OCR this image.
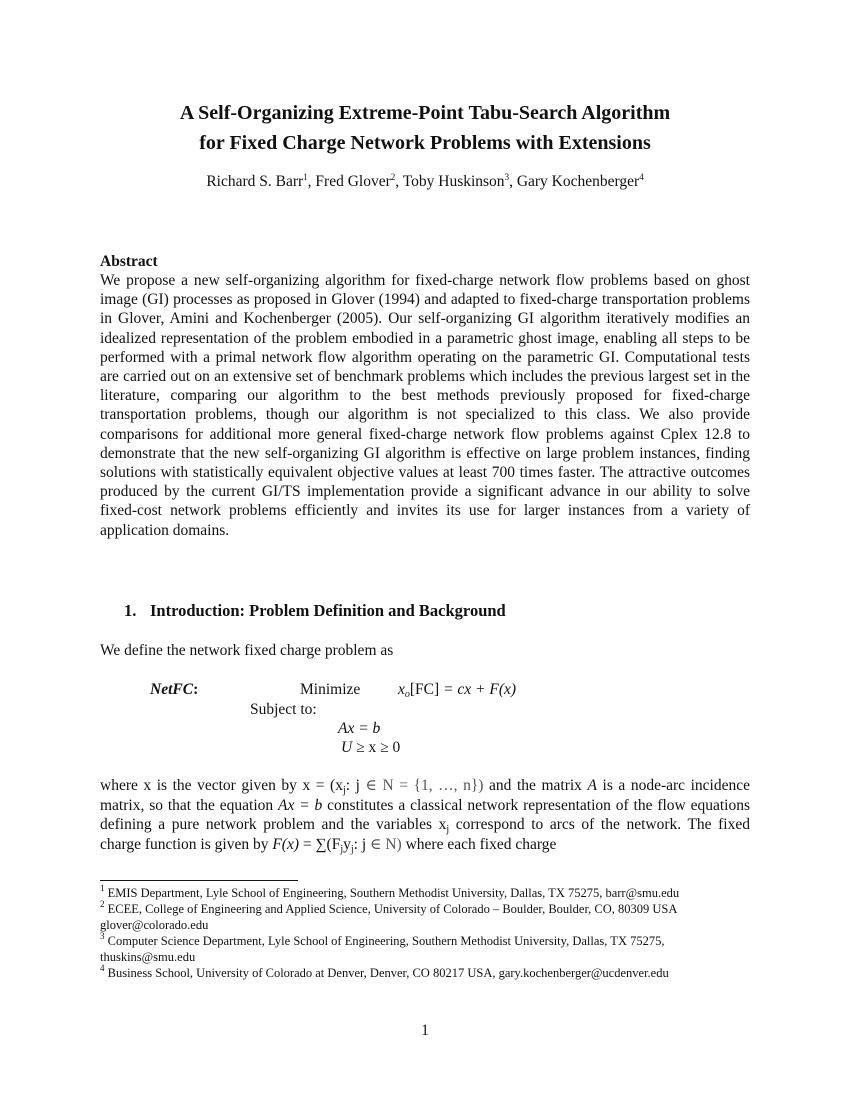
A Self-Organizing Extreme-Point Tabu-Search Algorithm
for Fixed Charge Network Problems with Extensions
Richard S. Barr$^1$, Fred Glover$^2$, Toby Huskinson$^3$, Gary Kochenberger$^4$
Abstract
We propose a new self-organizing algorithm for fixed-charge network flow problems based on ghost image (GI) processes as proposed in Glover (1994) and adapted to fixed-charge transportation problems in Glover, Amini and Kochenberger (2005). Our self-organizing GI algorithm iteratively modifies an idealized representation of the problem embodied in a parametric ghost image, enabling all steps to be performed with a primal network flow algorithm operating on the parametric GI. Computational tests are carried out on an extensive set of benchmark problems which includes the previous largest set in the literature, comparing our algorithm to the best methods previously proposed for fixed-charge transportation problems, though our algorithm is not specialized to this class. We also provide comparisons for additional more general fixed-charge network flow problems against Cplex 12.8 to demonstrate that the new self-organizing GI algorithm is effective on large problem instances, finding solutions with statistically equivalent objective values at least 700 times faster. The attractive outcomes produced by the current GI/TS implementation provide a significant advance in our ability to solve fixed-cost network problems efficiently and invites its use for larger instances from a variety of application domains.
1. Introduction: Problem Definition and Background
We define the network fixed charge problem as
NetFC:	Minimize $x_o[FC]$ = cx + F(x)
Subject to:
Ax = b
U ≥ x ≥ 0
where x is the vector given by $x = (x_j$: j ∈ N = {1, …, n}) and the matrix A is a node-arc incidence matrix, so that the equation Ax = b constitutes a classical network representation of the flow equations defining a pure network problem and the variables $x_j$ correspond to arcs of the network. The fixed charge function is given by $F(x) = \sum(F_jy_j$: j ∈ N) where each fixed charge

$^1$ EMIS Department, Lyle School of Engineering, Southern Methodist University, Dallas, TX 75275, barr@smu.edu

$^2$ ECEE, College of Engineering and Applied Science, University of Colorado – Boulder, Boulder, CO, 80309 USA glover@colorado.edu

$^3$ Computer Science Department, Lyle School of Engineering, Southern Methodist University, Dallas, TX 75275, thuskins@smu.edu

$^4$ Business School, University of Colorado at Denver, Denver, CO 80217 USA, gary.kochenberger@ucdenver.edu

1
